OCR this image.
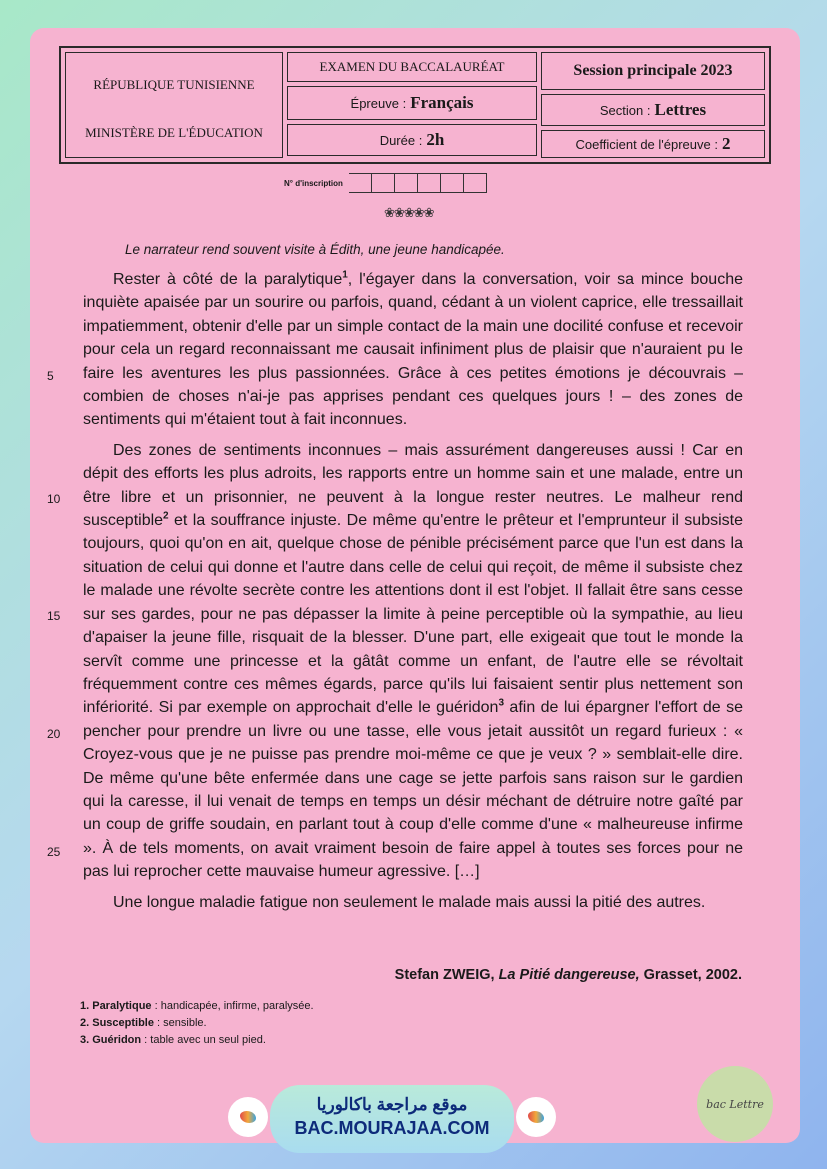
RÉPUBLIQUE TUNISIENNE
MINISTÈRE DE L'ÉDUCATION
EXAMEN DU BACCALAURÉAT	Session principale 2023
Épreuve : Français	Section : Lettres
Durée : 2h	Coefficient de l'épreuve : 2
N° d'inscription
❀❀❀❀❀
Le narrateur rend souvent visite à Édith, une jeune handicapée.
5
10
15
20
25

Rester à côté de la paralytique$^1$, l'égayer dans la conversation, voir sa mince bouche inquiète apaisée par un sourire ou parfois, quand, cédant à un violent caprice, elle tressaillait impatiemment, obtenir d'elle par un simple contact de la main une docilité confuse et recevoir pour cela un regard reconnaissant me causait infiniment plus de plaisir que n'auraient pu le faire les aventures les plus passionnées. Grâce à ces petites émotions je découvrais – combien de choses n'ai-je pas apprises pendant ces quelques jours ! – des zones de sentiments qui m'étaient tout à fait inconnues.

Des zones de sentiments inconnues – mais assurément dangereuses aussi ! Car en dépit des efforts les plus adroits, les rapports entre un homme sain et une malade, entre un être libre et un prisonnier, ne peuvent à la longue rester neutres. Le malheur rend susceptible$^2$ et la souffrance injuste. De même qu'entre le prêteur et l'emprunteur il subsiste toujours, quoi qu'on en ait, quelque chose de pénible précisément parce que l'un est dans la situation de celui qui donne et l'autre dans celle de celui qui reçoit, de même il subsiste chez le malade une révolte secrète contre les attentions dont il est l'objet. Il fallait être sans cesse sur ses gardes, pour ne pas dépasser la limite à peine perceptible où la sympathie, au lieu d'apaiser la jeune fille, risquait de la blesser. D'une part, elle exigeait que tout le monde la servît comme une princesse et la gâtât comme un enfant, de l'autre elle se révoltait fréquemment contre ces mêmes égards, parce qu'ils lui faisaient sentir plus nettement son infériorité. Si par exemple on approchait d'elle le guéridon$^3$ afin de lui épargner l'effort de se pencher pour prendre un livre ou une tasse, elle vous jetait aussitôt un regard furieux : « Croyez-vous que je ne puisse pas prendre moi-même ce que je veux ? » semblait-elle dire. De même qu'une bête enfermée dans une cage se jette parfois sans raison sur le gardien qui la caresse, il lui venait de temps en temps un désir méchant de détruire notre gaîté par un coup de griffe soudain, en parlant tout à coup d'elle comme d'une « malheureuse infirme ». À de tels moments, on avait vraiment besoin de faire appel à toutes ses forces pour ne pas lui reprocher cette mauvaise humeur agressive. […]

Une longue maladie fatigue non seulement le malade mais aussi la pitié des autres.

Stefan ZWEIG, La Pitié dangereuse, Grasset, 2002.
1. Paralytique : handicapée, infirme, paralysée.
2. Susceptible : sensible.
3. Guéridon : table avec un seul pied.
موقع مراجعة باكالوريا
BAC.MOURAJAA.COM
bac Lettre
